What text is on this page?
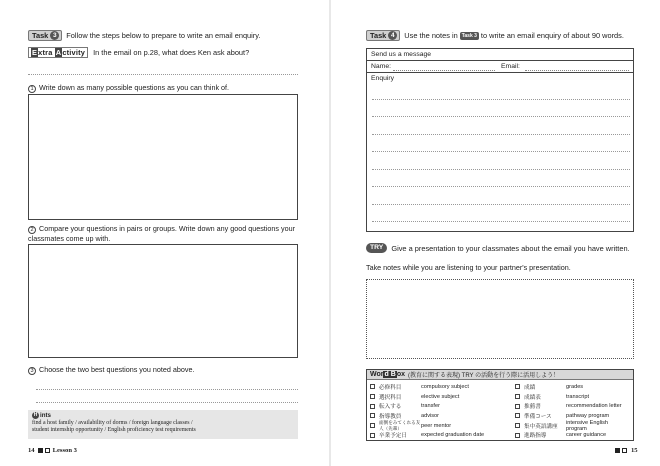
Task 3	Follow the steps below to prepare to write an email enquiry.
Extra Activity	In the email on p.28, what does Ken ask about?
1 Write down as many possible questions as you can think of.
2 Compare your questions in pairs or groups. Write down any good questions your
classmates come up with.
3 Choose the two best questions you noted above.
H ints
find a host family / availability of dorms / foreign language classes /
student internship opportunity / English proficiency test requirements
14	Lesson 3
Task 4	Use the notes in Task 3 to write an email enquiry of about 90 words.
Send us a message
Name:	Email:
Enquiry
TRY	Give a presentation to your classmates about the email you have written.
Take notes while you are listening to your partner's presentation.
Word Box (教育に関する表現) TRY の活動を行う際に活用しよう！
必修科目	compulsory subject	成績	grades
選択科目	elective subject	成績表	transcript
転入する	transfer	推薦書	recommendation letter
指導教員	advisor	準備コース	pathway program
面倒をみてくれる友人（先輩）	peer mentor	集中英語講座
intensive English program
卒業予定日	expected graduation date	進路指導	career guidance
15
